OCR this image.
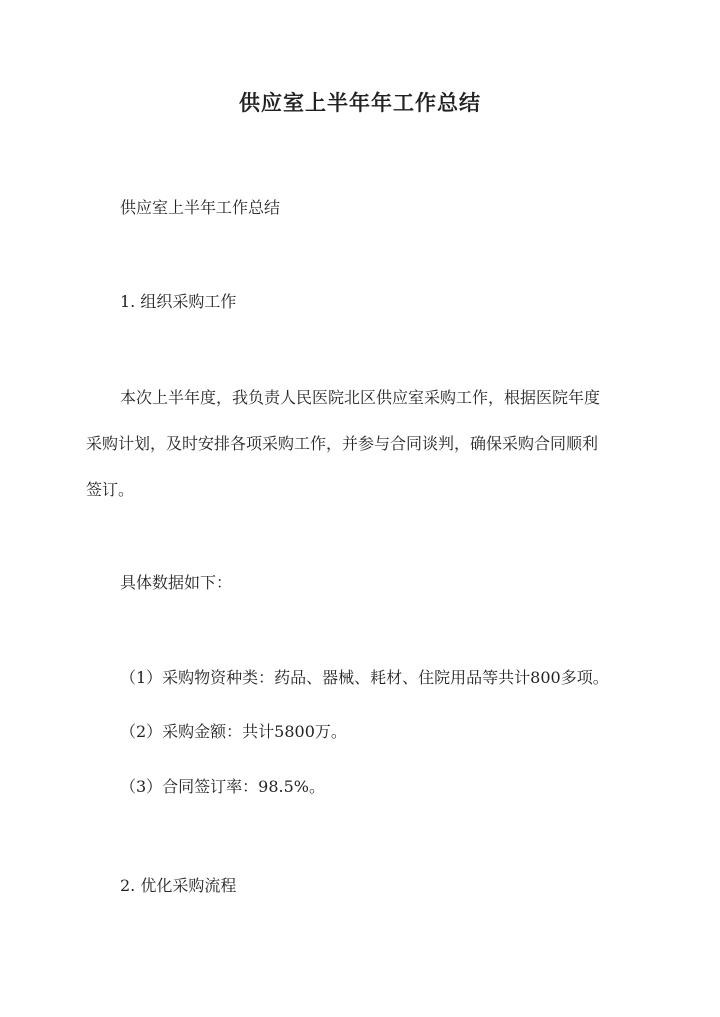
供应室上半年年工作总结
供应室上半年工作总结
1. 组织采购工作
本次上半年度，我负责人民医院北区供应室采购工作，根据医院年度
采购计划，及时安排各项采购工作，并参与合同谈判，确保采购合同顺利
签订。
具体数据如下：
（1）采购物资种类：药品、器械、耗材、住院用品等共计800多项。
（2）采购金额：共计5800万。
（3）合同签订率：98.5%。
2. 优化采购流程
